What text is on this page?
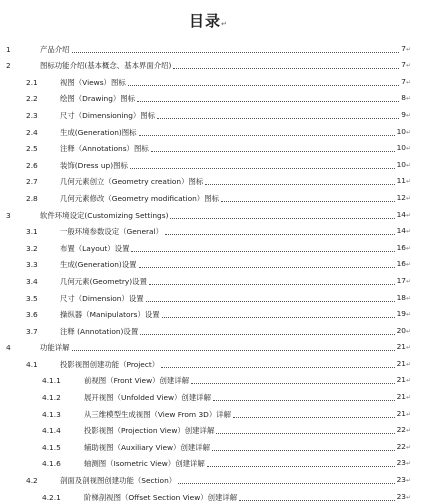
目录↵
1	产品介绍	7↵
2	图标功能介绍(基本概念、基本界面介绍)	7↵
2.1	视图（Views）图标	7↵
2.2	绘图（Drawing）图标	8↵
2.3	尺寸（Dimensioning）图标	9↵
2.4	生成(Generation)图标	10↵
2.5	注释（Annotations）图标	10↵
2.6	装饰(Dress up)图标	10↵
2.7	几何元素创立（Geometry creation）图标	11↵
2.8	几何元素修改（Geometry modification）图标	12↵
3	软件环境设定(Customizing Settings)	14↵
3.1	一般环境参数设定（General）	14↵
3.2	布置（Layout）设置	16↵
3.3	生成(Generation)设置	16↵
3.4	几何元素(Geometry)设置	17↵
3.5	尺寸（Dimension）设置	18↵
3.6	操纵器（Manipulators）设置	19↵
3.7	注释 (Annotation)设置	20↵
4	功能详解	21↵
4.1	投影视图创建功能（Project）	21↵
4.1.1	前视图（Front View）创建详解	21↵
4.1.2	展开视图（Unfolded View）创建详解	21↵
4.1.3	从三维模型生成视图（View From 3D）详解	21↵
4.1.4	投影视图（Projection View）创建详解	22↵
4.1.5	辅助视图（Auxiliary View）创建详解	22↵
4.1.6	轴测图（Isometric View）创建详解	23↵
4.2	剖面及剖视图创建功能（Section）	23↵
4.2.1	阶梯剖视图（Offset Section View）创建详解	23↵
